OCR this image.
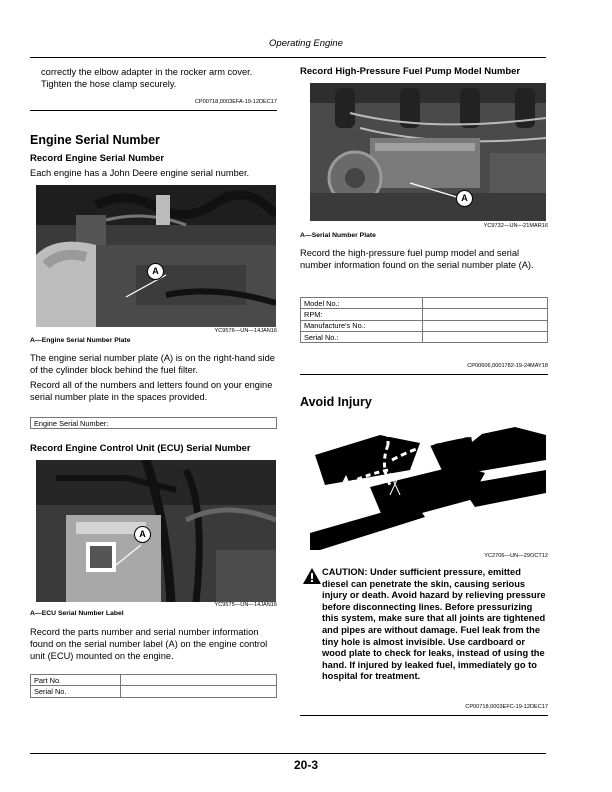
Operating Engine
correctly the elbow adapter in the rocker arm cover. Tighten the hose clamp securely.
CP00718,0003EFA-19-12DEC17
Engine Serial Number
Record Engine Serial Number
Each engine has a John Deere engine serial number.
A
YC9576—UN—14JAN16
A—Engine Serial Number Plate
The engine serial number plate (A) is on the right-hand side of the cylinder block behind the fuel filter.
Record all of the numbers and letters found on your engine serial number plate in the spaces provided.
Engine Serial Number:
Record Engine Control Unit (ECU) Serial Number
A
YC9575—UN—14JAN16
A—ECU Serial Number Label
Record the parts number and serial number information found on the serial number label (A) on the engine control unit (ECU) mounted on the engine.
Part No.	
Serial No.	
Record High-Pressure Fuel Pump Model Number
A
YC9732—UN—21MAR16
A—Serial Number Plate
Record the high-pressure fuel pump model and serial number information found on the serial number plate (A).
Model No.:	
RPM:	
Manufacture's No.:	
Serial No.:	
CP00606,0001782-19-24MAY18
Avoid Injury
YC2706—UN—29OCT12
CAUTION: Under sufficient pressure, emitted diesel can penetrate the skin, causing serious injury or death. Avoid hazard by relieving pressure before disconnecting lines. Before pressurizing this system, make sure that all joints are tightened and pipes are without damage. Fuel leak from the tiny hole is almost invisible. Use cardboard or wood plate to check for leaks, instead of using the hand. If injured by leaked fuel, immediately go to hospital for treatment.
CP00718,0003EFC-19-12DEC17
20-3
